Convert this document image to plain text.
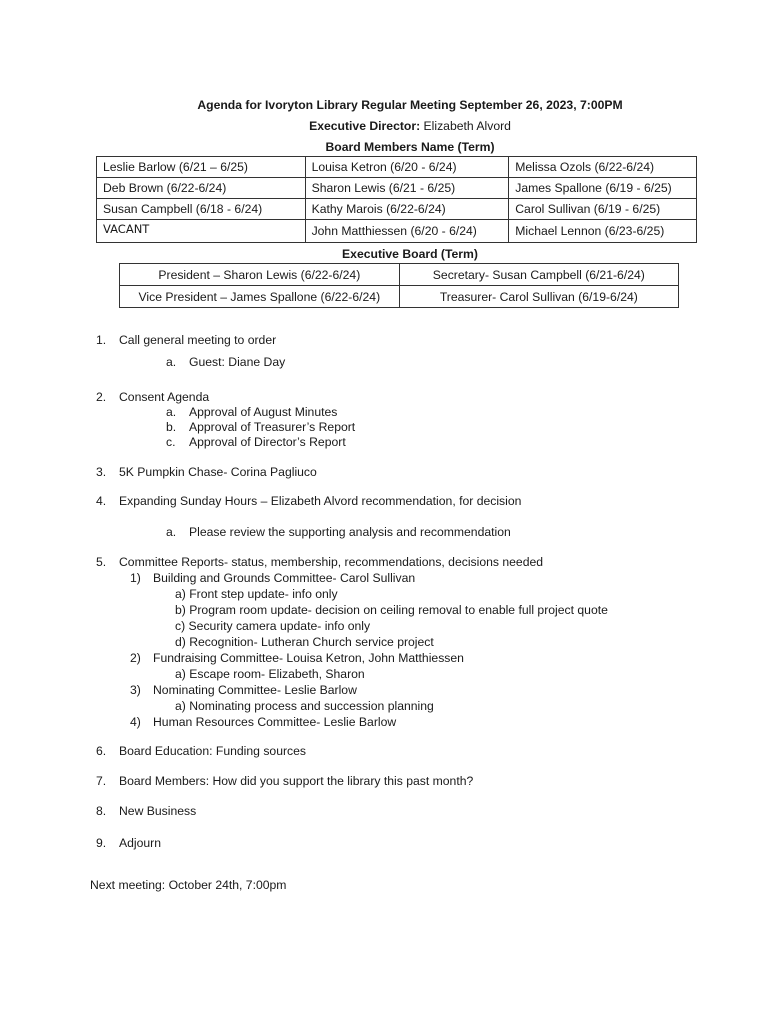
Agenda for Ivoryton Library Regular Meeting September 26, 2023, 7:00PM
Executive Director: Elizabeth Alvord
Board Members Name (Term)
Leslie Barlow (6/21 – 6/25)	Louisa Ketron (6/20 - 6/24)	Melissa Ozols (6/22-6/24)
Deb Brown (6/22-6/24)	Sharon Lewis (6/21 - 6/25)	James Spallone (6/19 - 6/25)
Susan Campbell (6/18 - 6/24)	Kathy Marois (6/22-6/24)	Carol Sullivan (6/19 - 6/25)
VACANT	John Matthiessen (6/20 - 6/24)	Michael Lennon (6/23-6/25)
Executive Board (Term)
President – Sharon Lewis (6/22-6/24)	Secretary- Susan Campbell (6/21-6/24)
Vice President – James Spallone (6/22-6/24)	Treasurer- Carol Sullivan (6/19-6/24)
1. Call general meeting to order
a. Guest: Diane Day
2. Consent Agenda
a. Approval of August Minutes
b. Approval of Treasurer’s Report
c. Approval of Director’s Report
3. 5K Pumpkin Chase- Corina Pagliuco
4. Expanding Sunday Hours – Elizabeth Alvord recommendation, for decision
a. Please review the supporting analysis and recommendation
5. Committee Reports- status, membership, recommendations, decisions needed
1) Building and Grounds Committee- Carol Sullivan
a) Front step update- info only
b) Program room update- decision on ceiling removal to enable full project quote
c) Security camera update- info only
d) Recognition- Lutheran Church service project
2) Fundraising Committee- Louisa Ketron, John Matthiessen
a) Escape room- Elizabeth, Sharon
3) Nominating Committee- Leslie Barlow
a) Nominating process and succession planning
4) Human Resources Committee- Leslie Barlow
6. Board Education: Funding sources
7. Board Members: How did you support the library this past month?
8. New Business
9. Adjourn
Next meeting: October 24th, 7:00pm
